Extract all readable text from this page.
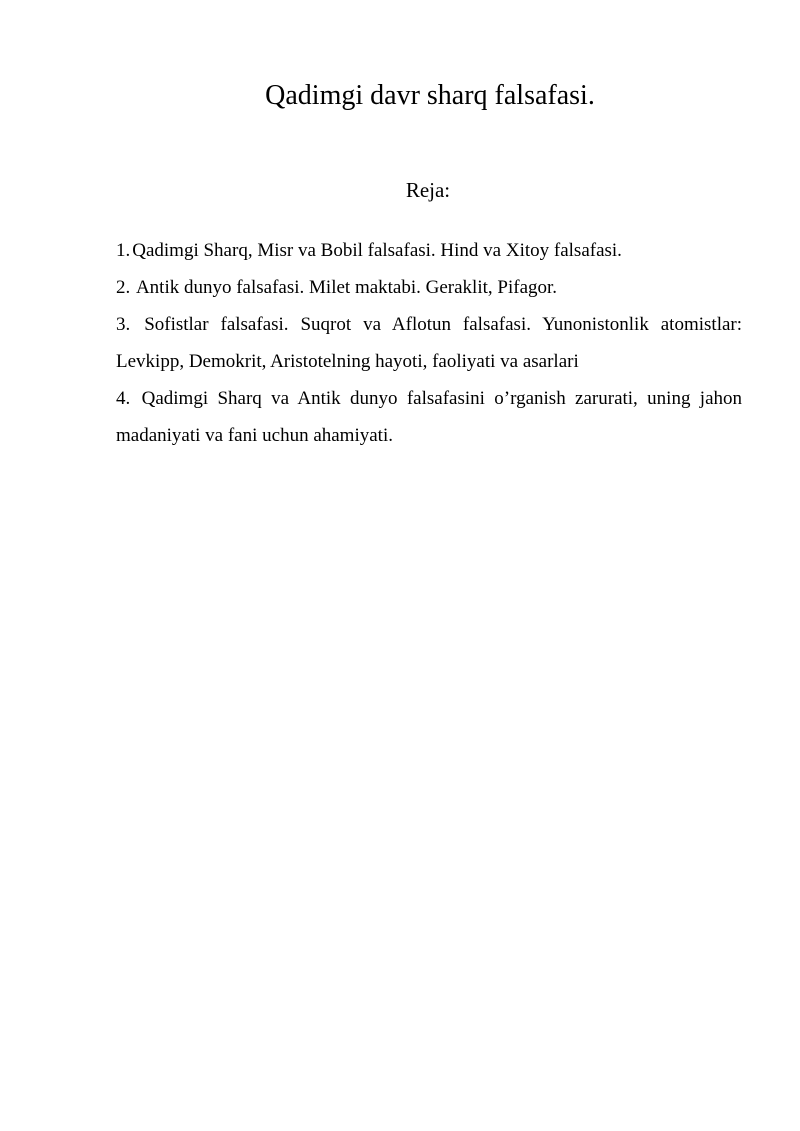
Qadimgi davr sharq falsafasi.
Reja:
1. Qadimgi Sharq, Misr va Bobil falsafasi. Hind va Xitoy falsafasi.
2. Antik dunyo falsafasi. Milet maktabi. Geraklit, Pifagor.
3. Sofistlar falsafasi. Suqrot va Aflotun falsafasi. Yunonistonlik atomistlar: Levkipp, Demokrit, Aristotelning hayoti, faoliyati va asarlari
4. Qadimgi Sharq va Antik dunyo falsafasini o’rganish zarurati, uning jahon madaniyati va fani uchun ahamiyati.
